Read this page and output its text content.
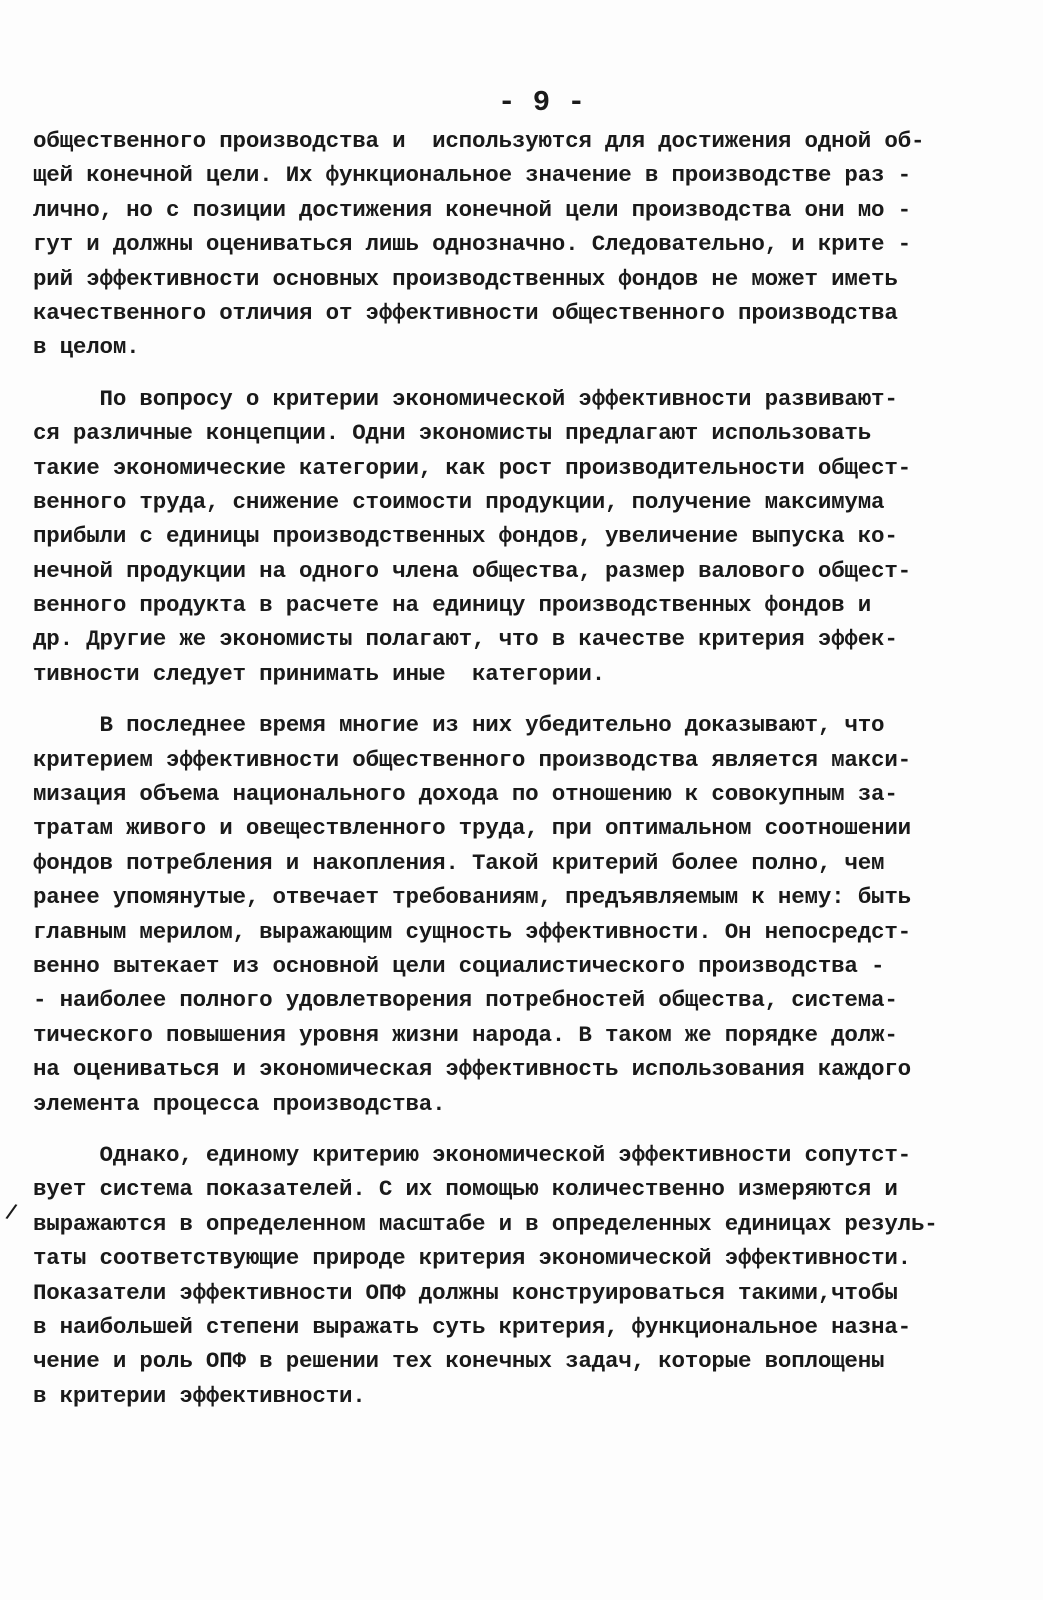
- 9 -
/
общественного производства и  используются для достижения одной об-
щей конечной цели. Их функциональное значение в производстве раз -
лично, но с позиции достижения конечной цели производства они мо -
гут и должны оцениваться лишь однозначно. Следовательно, и крите -
рий эффективности основных производственных фондов не может иметь
качественного отличия от эффективности общественного производства
в целом.
По вопросу о критерии экономической эффективности развивают-
ся различные концепции. Одни экономисты предлагают использовать
такие экономические категории, как рост производительности общест-
венного труда, снижение стоимости продукции, получение максимума
прибыли с единицы производственных фондов, увеличение выпуска ко-
нечной продукции на одного члена общества, размер валового общест-
венного продукта в расчете на единицу производственных фондов и
др. Другие же экономисты полагают, что в качестве критерия эффек-
тивности следует принимать иные  категории.
В последнее время многие из них убедительно доказывают, что
критерием эффективности общественного производства является макси-
мизация объема национального дохода по отношению к совокупным за-
тратам живого и овеществленного труда, при оптимальном соотношении
фондов потребления и накопления. Такой критерий более полно, чем
ранее упомянутые, отвечает требованиям, предъявляемым к нему: быть
главным мерилом, выражающим сущность эффективности. Он непосредст-
венно вытекает из основной цели социалистического производства -
- наиболее полного удовлетворения потребностей общества, система-
тического повышения уровня жизни народа. В таком же порядке долж-
на оцениваться и экономическая эффективность использования каждого
элемента процесса производства.
Однако, единому критерию экономической эффективности сопутст-
вует система показателей. С их помощью количественно измеряются и
выражаются в определенном масштабе и в определенных единицах резуль-
таты соответствующие природе критерия экономической эффективности.
Показатели эффективности ОПФ должны конструироваться такими,чтобы
в наибольшей степени выражать суть критерия, функциональное назна-
чение и роль ОПФ в решении тех конечных задач, которые воплощены
в критерии эффективности.
